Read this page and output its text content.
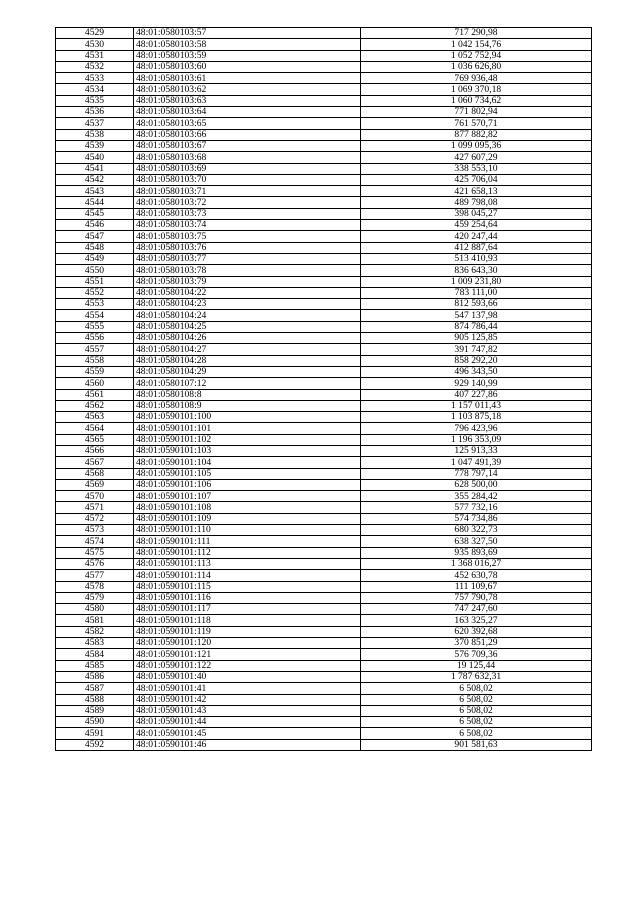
4529	48:01:0580103:57	717 290,98
4530	48:01:0580103:58	1 042 154,76
4531	48:01:0580103:59	1 052 752,94
4532	48:01:0580103:60	1 036 626,80
4533	48:01:0580103:61	769 936,48
4534	48:01:0580103:62	1 069 370,18
4535	48:01:0580103:63	1 060 734,62
4536	48:01:0580103:64	771 802,94
4537	48:01:0580103:65	761 570,71
4538	48:01:0580103:66	877 882,82
4539	48:01:0580103:67	1 099 095,36
4540	48:01:0580103:68	427 607,29
4541	48:01:0580103:69	338 553,10
4542	48:01:0580103:70	425 706,04
4543	48:01:0580103:71	421 658,13
4544	48:01:0580103:72	489 798,08
4545	48:01:0580103:73	398 045,27
4546	48:01:0580103:74	459 254,64
4547	48:01:0580103:75	420 247,44
4548	48:01:0580103:76	412 887,64
4549	48:01:0580103:77	513 410,93
4550	48:01:0580103:78	836 643,30
4551	48:01:0580103:79	1 009 231,80
4552	48:01:0580104:22	783 111,00
4553	48:01:0580104:23	812 593,66
4554	48:01:0580104:24	547 137,98
4555	48:01:0580104:25	874 786,44
4556	48:01:0580104:26	905 125,85
4557	48:01:0580104:27	391 747,82
4558	48:01:0580104:28	858 292,20
4559	48:01:0580104:29	496 343,50
4560	48:01:0580107:12	929 140,99
4561	48:01:0580108:8	407 227,86
4562	48:01:0580108:9	1 157 011,43
4563	48:01:0590101:100	1 103 875,18
4564	48:01:0590101:101	796 423,96
4565	48:01:0590101:102	1 196 353,09
4566	48:01:0590101:103	125 913,33
4567	48:01:0590101:104	1 047 491,39
4568	48:01:0590101:105	778 797,14
4569	48:01:0590101:106	628 500,00
4570	48:01:0590101:107	355 284,42
4571	48:01:0590101:108	577 732,16
4572	48:01:0590101:109	574 734,86
4573	48:01:0590101:110	680 322,73
4574	48:01:0590101:111	638 327,50
4575	48:01:0590101:112	935 893,69
4576	48:01:0590101:113	1 368 016,27
4577	48:01:0590101:114	452 630,78
4578	48:01:0590101:115	111 109,67
4579	48:01:0590101:116	757 790,78
4580	48:01:0590101:117	747 247,60
4581	48:01:0590101:118	163 325,27
4582	48:01:0590101:119	620 392,68
4583	48:01:0590101:120	370 851,29
4584	48:01:0590101:121	576 709,36
4585	48:01:0590101:122	19 125,44
4586	48:01:0590101:40	1 787 632,31
4587	48:01:0590101:41	6 508,02
4588	48:01:0590101:42	6 508,02
4589	48:01:0590101:43	6 508,02
4590	48:01:0590101:44	6 508,02
4591	48:01:0590101:45	6 508,02
4592	48:01:0590101:46	901 581,63
